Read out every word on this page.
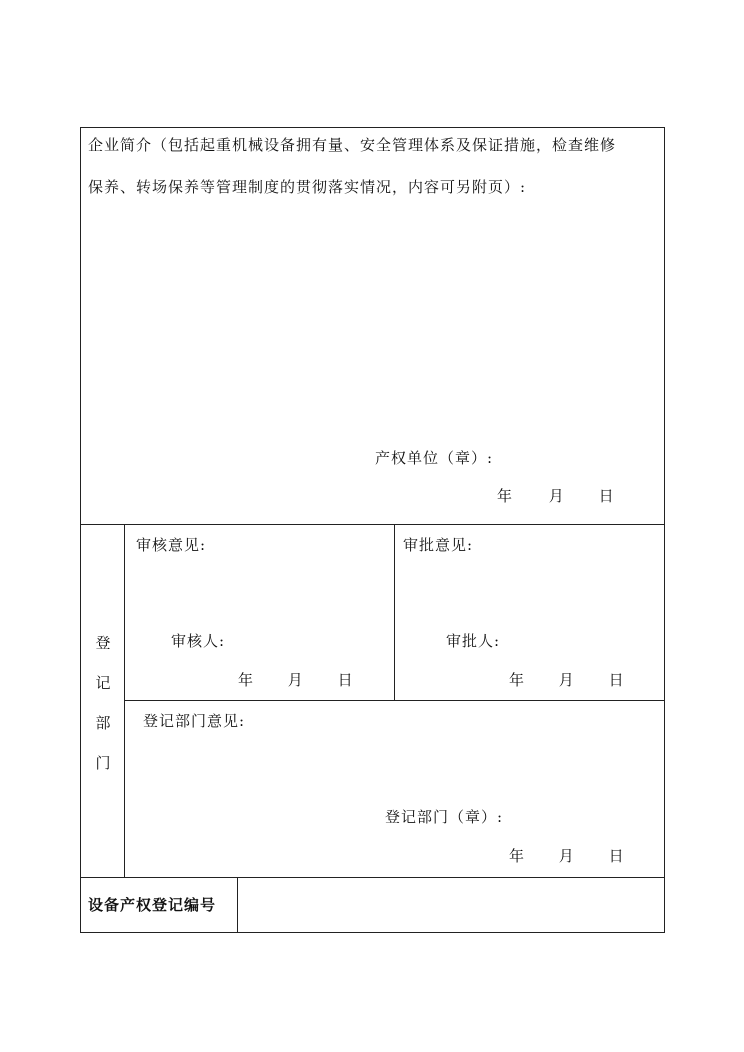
企业简介（包括起重机械设备拥有量、安全管理体系及保证措施，检查维修
保养、转场保养等管理制度的贯彻落实情况，内容可另附页）:
产权单位（章）:
年 月 日
登
记
部
门
审核意见:
审核人:
年 月 日
审批意见:
审批人:
年 月 日
登记部门意见:
登记部门（章）:
年 月 日
设备产权登记编号
